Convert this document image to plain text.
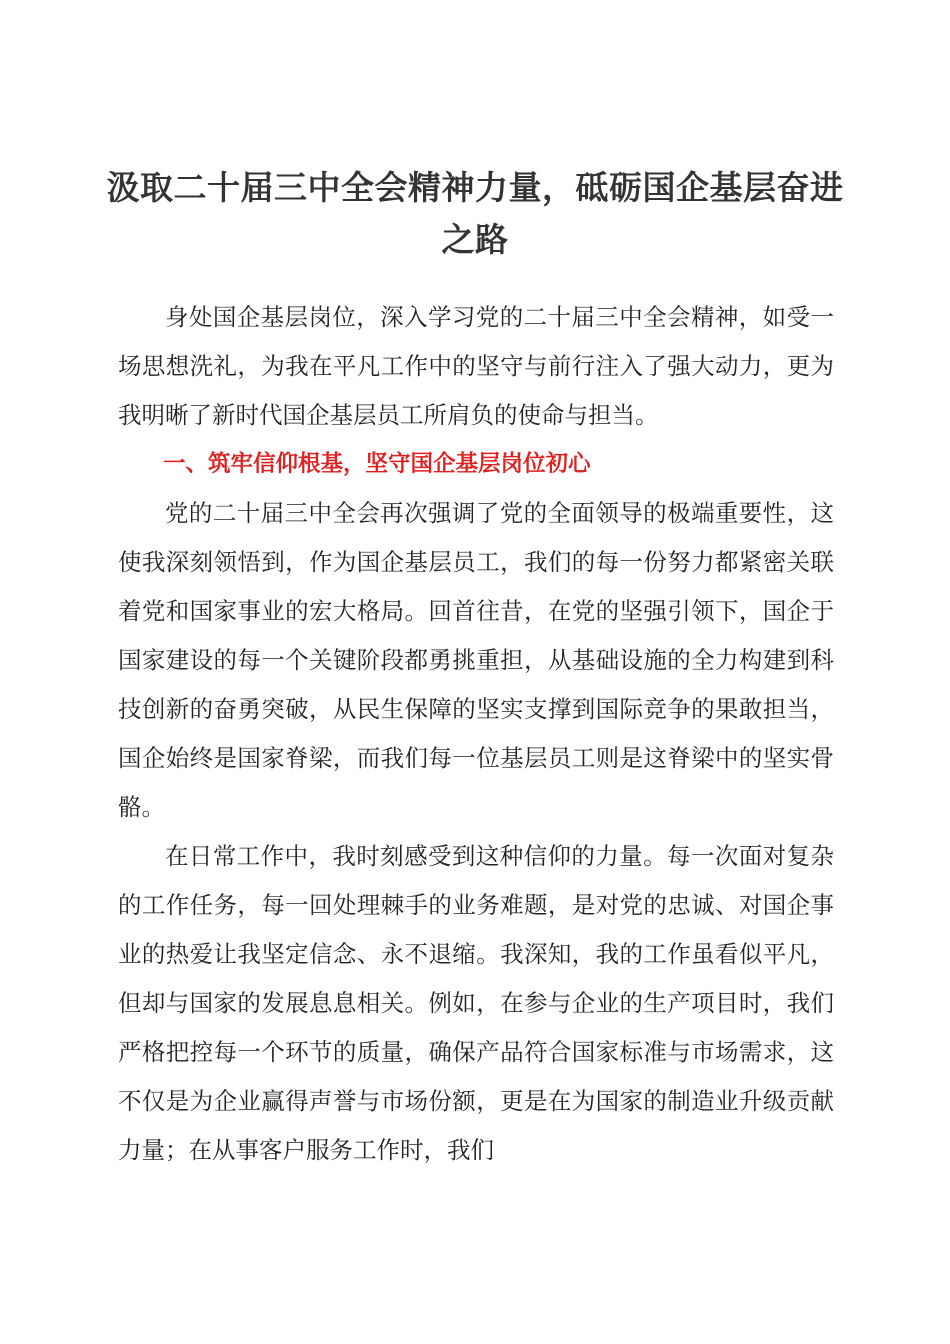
汲取二十届三中全会精神力量，砥砺国企基层奋进之路

身处国企基层岗位，深入学习党的二十届三中全会精神，如受一场思想洗礼，为我在平凡工作中的坚守与前行注入了强大动力，更为我明晰了新时代国企基层员工所肩负的使命与担当。

一、筑牢信仰根基，坚守国企基层岗位初心

党的二十届三中全会再次强调了党的全面领导的极端重要性，这使我深刻领悟到，作为国企基层员工，我们的每一份努力都紧密关联着党和国家事业的宏大格局。回首往昔，在党的坚强引领下，国企于国家建设的每一个关键阶段都勇挑重担，从基础设施的全力构建到科技创新的奋勇突破，从民生保障的坚实支撑到国际竞争的果敢担当，国企始终是国家脊梁，而我们每一位基层员工则是这脊梁中的坚实骨骼。

在日常工作中，我时刻感受到这种信仰的力量。每一次面对复杂的工作任务，每一回处理棘手的业务难题，是对党的忠诚、对国企事业的热爱让我坚定信念、永不退缩。我深知，我的工作虽看似平凡，但却与国家的发展息息相关。例如，在参与企业的生产项目时，我们严格把控每一个环节的质量，确保产品符合国家标准与市场需求，这不仅是为企业赢得声誉与市场份额，更是在为国家的制造业升级贡献力量；在从事客户服务工作时，我们
